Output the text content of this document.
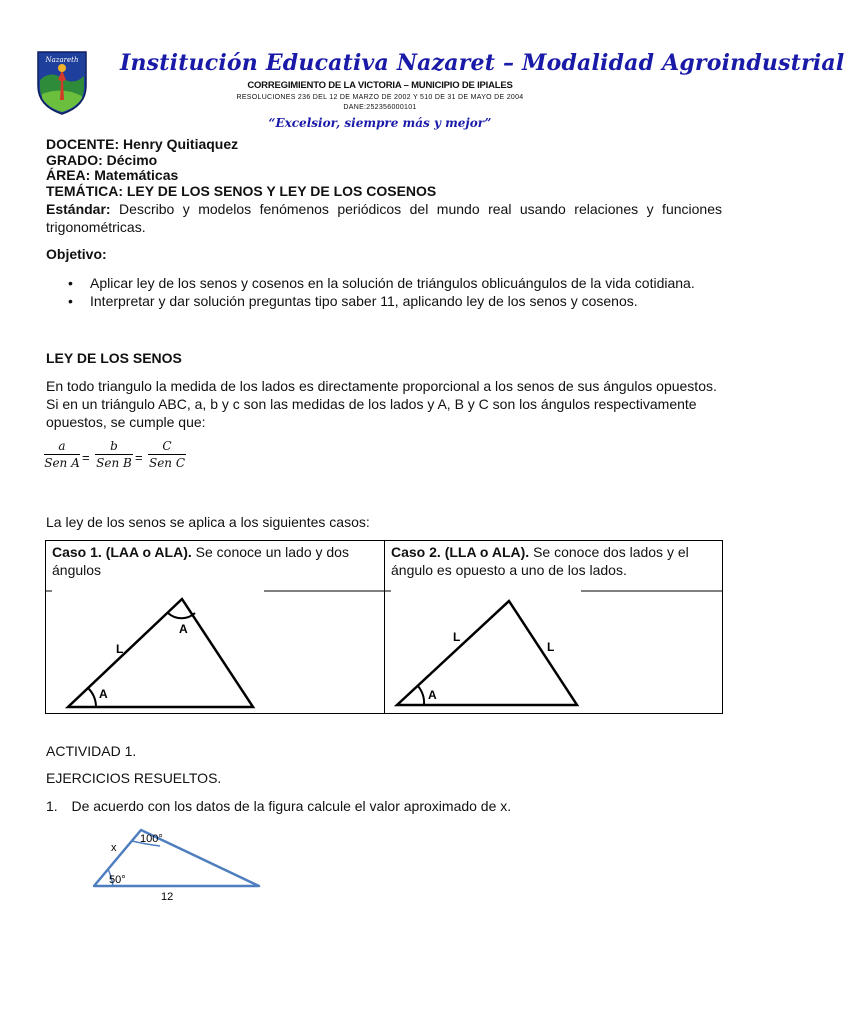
Nazareth Institución Educativa Nazaret – Modalidad Agroindustrial
CORREGIMIENTO DE LA VICTORIA – MUNICIPIO DE IPIALES
RESOLUCIONES 236 DEL 12 DE MARZO DE 2002 Y 510 DE 31 DE MAYO DE 2004
DANE:252356000101
“Excelsior, siempre más y mejor”
DOCENTE: Henry Quitiaquez
GRADO: Décimo
ÁREA: Matemáticas
TEMÁTICA: LEY DE LOS SENOS Y LEY DE LOS COSENOS
Estándar: Describo y modelos fenómenos periódicos del mundo real usando relaciones y funciones trigonométricas.
Objetivo:
• Aplicar ley de los senos y cosenos en la solución de triángulos oblicuángulos de la vida cotidiana.
• Interpretar y dar solución preguntas tipo saber 11, aplicando ley de los senos y cosenos.
LEY DE LOS SENOS
En todo triangulo la medida de los lados es directamente proporcional a los senos de sus ángulos opuestos. Si en un triángulo ABC, a, b y c son las medidas de los lados y A, B y C son los ángulos respectivamente opuestos, se cumple que:
a
Sen A =
b
Sen B =
C
Sen C
La ley de los senos se aplica a los siguientes casos:
Caso 1. (LAA o ALA). Se conoce un lado y dos ángulos
A
L
A
Caso 2. (LLA o ALA). Se conoce dos lados y el ángulo es opuesto a uno de los lados.
L
L
A
ACTIVIDAD 1.
EJERCICIOS RESUELTOS.
1. De acuerdo con los datos de la figura calcule el valor aproximado de x.
x
100°
50°
12
